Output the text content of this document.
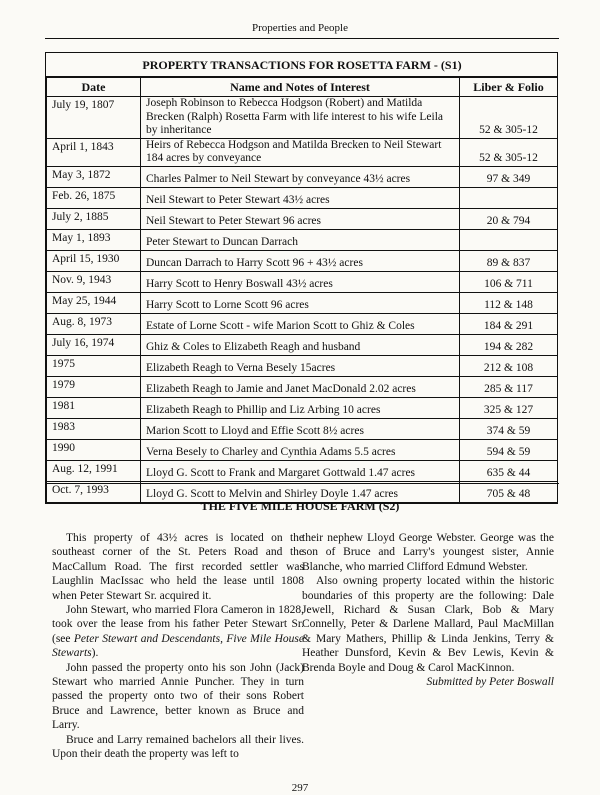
Properties and People
PROPERTY TRANSACTIONS FOR ROSETTA FARM - (S1)
Date	Name and Notes of Interest	Liber & Folio
July 19, 1807	Joseph Robinson to Rebecca Hodgson (Robert) and Matilda Brecken (Ralph) Rosetta Farm with life interest to his wife Leila by inheritance	52 & 305-12
April 1, 1843	Heirs of Rebecca Hodgson and Matilda Brecken to Neil Stewart 184 acres by conveyance	52 & 305-12
May 3, 1872	Charles Palmer to Neil Stewart by conveyance 43½ acres	97 & 349
Feb. 26, 1875	Neil Stewart to Peter Stewart 43½ acres	
July 2, 1885	Neil Stewart to Peter Stewart 96 acres	20 & 794
May 1, 1893	Peter Stewart to Duncan Darrach	
April 15, 1930	Duncan Darrach to Harry Scott 96 + 43½ acres	89 & 837
Nov. 9, 1943	Harry Scott to Henry Boswall 43½ acres	106 & 711
May 25, 1944	Harry Scott to Lorne Scott 96 acres	112 & 148
Aug. 8, 1973	Estate of Lorne Scott - wife Marion Scott to Ghiz & Coles	184 & 291
July 16, 1974	Ghiz & Coles to Elizabeth Reagh and husband	194 & 282
1975	Elizabeth Reagh to Verna Besely 15acres	212 & 108
1979	Elizabeth Reagh to Jamie and Janet MacDonald 2.02 acres	285 & 117
1981	Elizabeth Reagh to Phillip and Liz Arbing 10 acres	325 & 127
1983	Marion Scott to Lloyd and Effie Scott 8½ acres	374 & 59
1990	Verna Besely to Charley and Cynthia Adams 5.5 acres	594 & 59
Aug. 12, 1991	Lloyd G. Scott to Frank and Margaret Gottwald 1.47 acres	635 & 44
Oct. 7, 1993	Lloyd G. Scott to Melvin and Shirley Doyle 1.47 acres	705 & 48
THE FIVE MILE HOUSE FARM (S2)

This property of 43½ acres is located on the southeast corner of the St. Peters Road and the MacCallum Road. The first recorded settler was Laughlin MacIssac who held the lease until 1808 when Peter Stewart Sr. acquired it.

John Stewart, who married Flora Cameron in 1828, took over the lease from his father Peter Stewart Sr. (see Peter Stewart and Descendants, Five Mile House Stewarts).

John passed the property onto his son John (Jack) Stewart who married Annie Puncher. They in turn passed the property onto two of their sons Robert Bruce and Lawrence, better known as Bruce and Larry.

Bruce and Larry remained bachelors all their lives. Upon their death the property was left to

their nephew Lloyd George Webster. George was the son of Bruce and Larry's youngest sister, Annie Blanche, who married Clifford Edmund Webster.

Also owning property located within the historic boundaries of this property are the following: Dale Jewell, Richard & Susan Clark, Bob & Mary Connelly, Peter & Darlene Mallard, Paul MacMillan & Mary Mathers, Phillip & Linda Jenkins, Terry & Heather Dunsford, Kevin & Bev Lewis, Kevin & Brenda Boyle and Doug & Carol MacKinnon.

Submitted by Peter Boswall

297
